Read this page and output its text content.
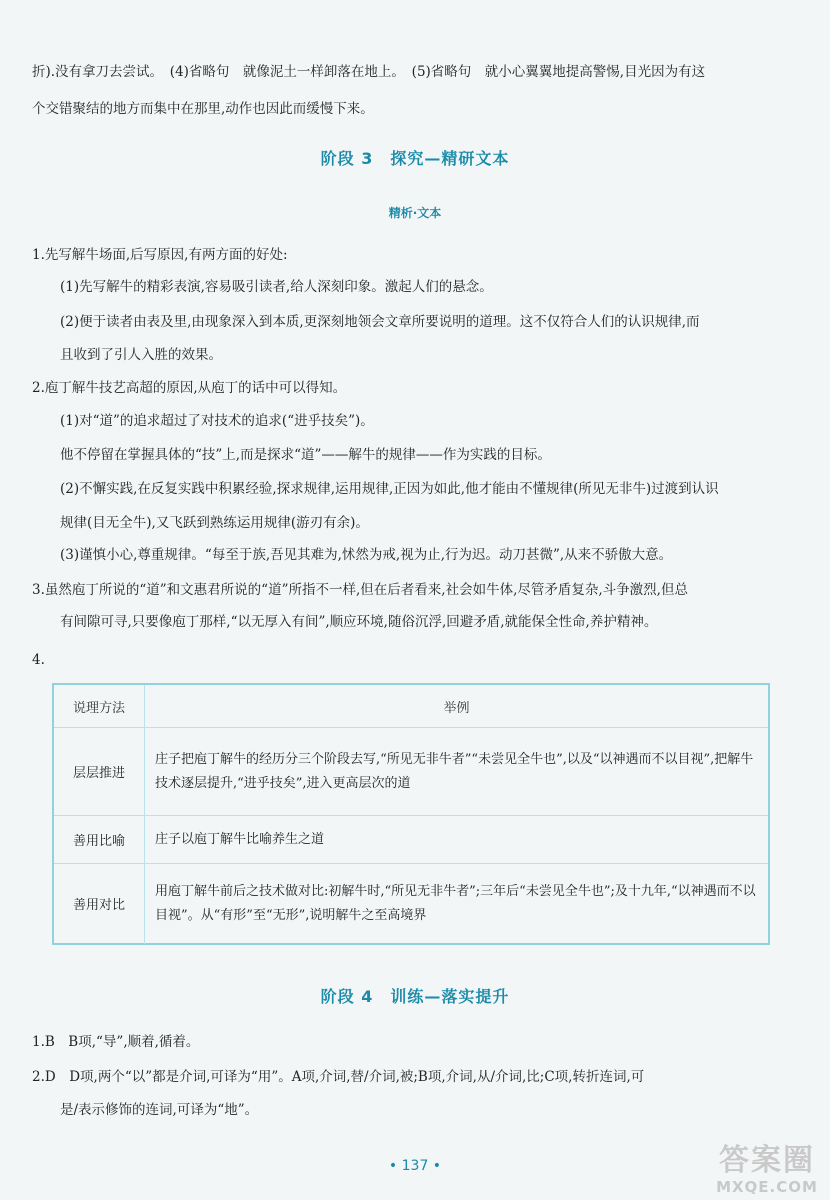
折).没有拿刀去尝试。　(4)省略句　就像泥土一样卸落在地上。　(5)省略句　就小心翼翼地提高警惕,目光因为有这
个交错聚结的地方而集中在那里,动作也因此而缓慢下来。
阶段 3　探究—精研文本
精析·文本
1.先写解牛场面,后写原因,有两方面的好处:
(1)先写解牛的精彩表演,容易吸引读者,给人深刻印象。激起人们的悬念。
(2)便于读者由表及里,由现象深入到本质,更深刻地领会文章所要说明的道理。这不仅符合人们的认识规律,而
且收到了引人入胜的效果。
2.庖丁解牛技艺高超的原因,从庖丁的话中可以得知。
(1)对“道”的追求超过了对技术的追求(“进乎技矣”)。
他不停留在掌握具体的“技”上,而是探求“道”——解牛的规律——作为实践的目标。
(2)不懈实践,在反复实践中积累经验,探求规律,运用规律,正因为如此,他才能由不懂规律(所见无非牛)过渡到认识
规律(目无全牛),又飞跃到熟练运用规律(游刃有余)。
(3)谨慎小心,尊重规律。“每至于族,吾见其难为,怵然为戒,视为止,行为迟。动刀甚微”,从来不骄傲大意。
3.虽然庖丁所说的“道”和文惠君所说的“道”所指不一样,但在后者看来,社会如牛体,尽管矛盾复杂,斗争激烈,但总
有间隙可寻,只要像庖丁那样,“以无厚入有间”,顺应环境,随俗沉浮,回避矛盾,就能保全性命,养护精神。
4.
说理方法	举例
层层推进	庄子把庖丁解牛的经历分三个阶段去写,“所见无非牛者”“未尝见全牛也”,以及“以神遇而不以目视”,把解牛技术逐层提升,“进乎技矣”,进入更高层次的道
善用比喻	庄子以庖丁解牛比喻养生之道
善用对比	用庖丁解牛前后之技术做对比:初解牛时,“所见无非牛者”;三年后“未尝见全牛也”;及十九年,“以神遇而不以目视”。从“有形”至“无形”,说明解牛之至高境界
阶段 4　训练—落实提升
1.B　B项,“导”,顺着,循着。
2.D　D项,两个“以”都是介词,可译为“用”。A项,介词,替/介词,被;B项,介词,从/介词,比;C项,转折连词,可
是/表示修饰的连词,可译为“地”。
• 137 •	答案圈
MXQE.COM
